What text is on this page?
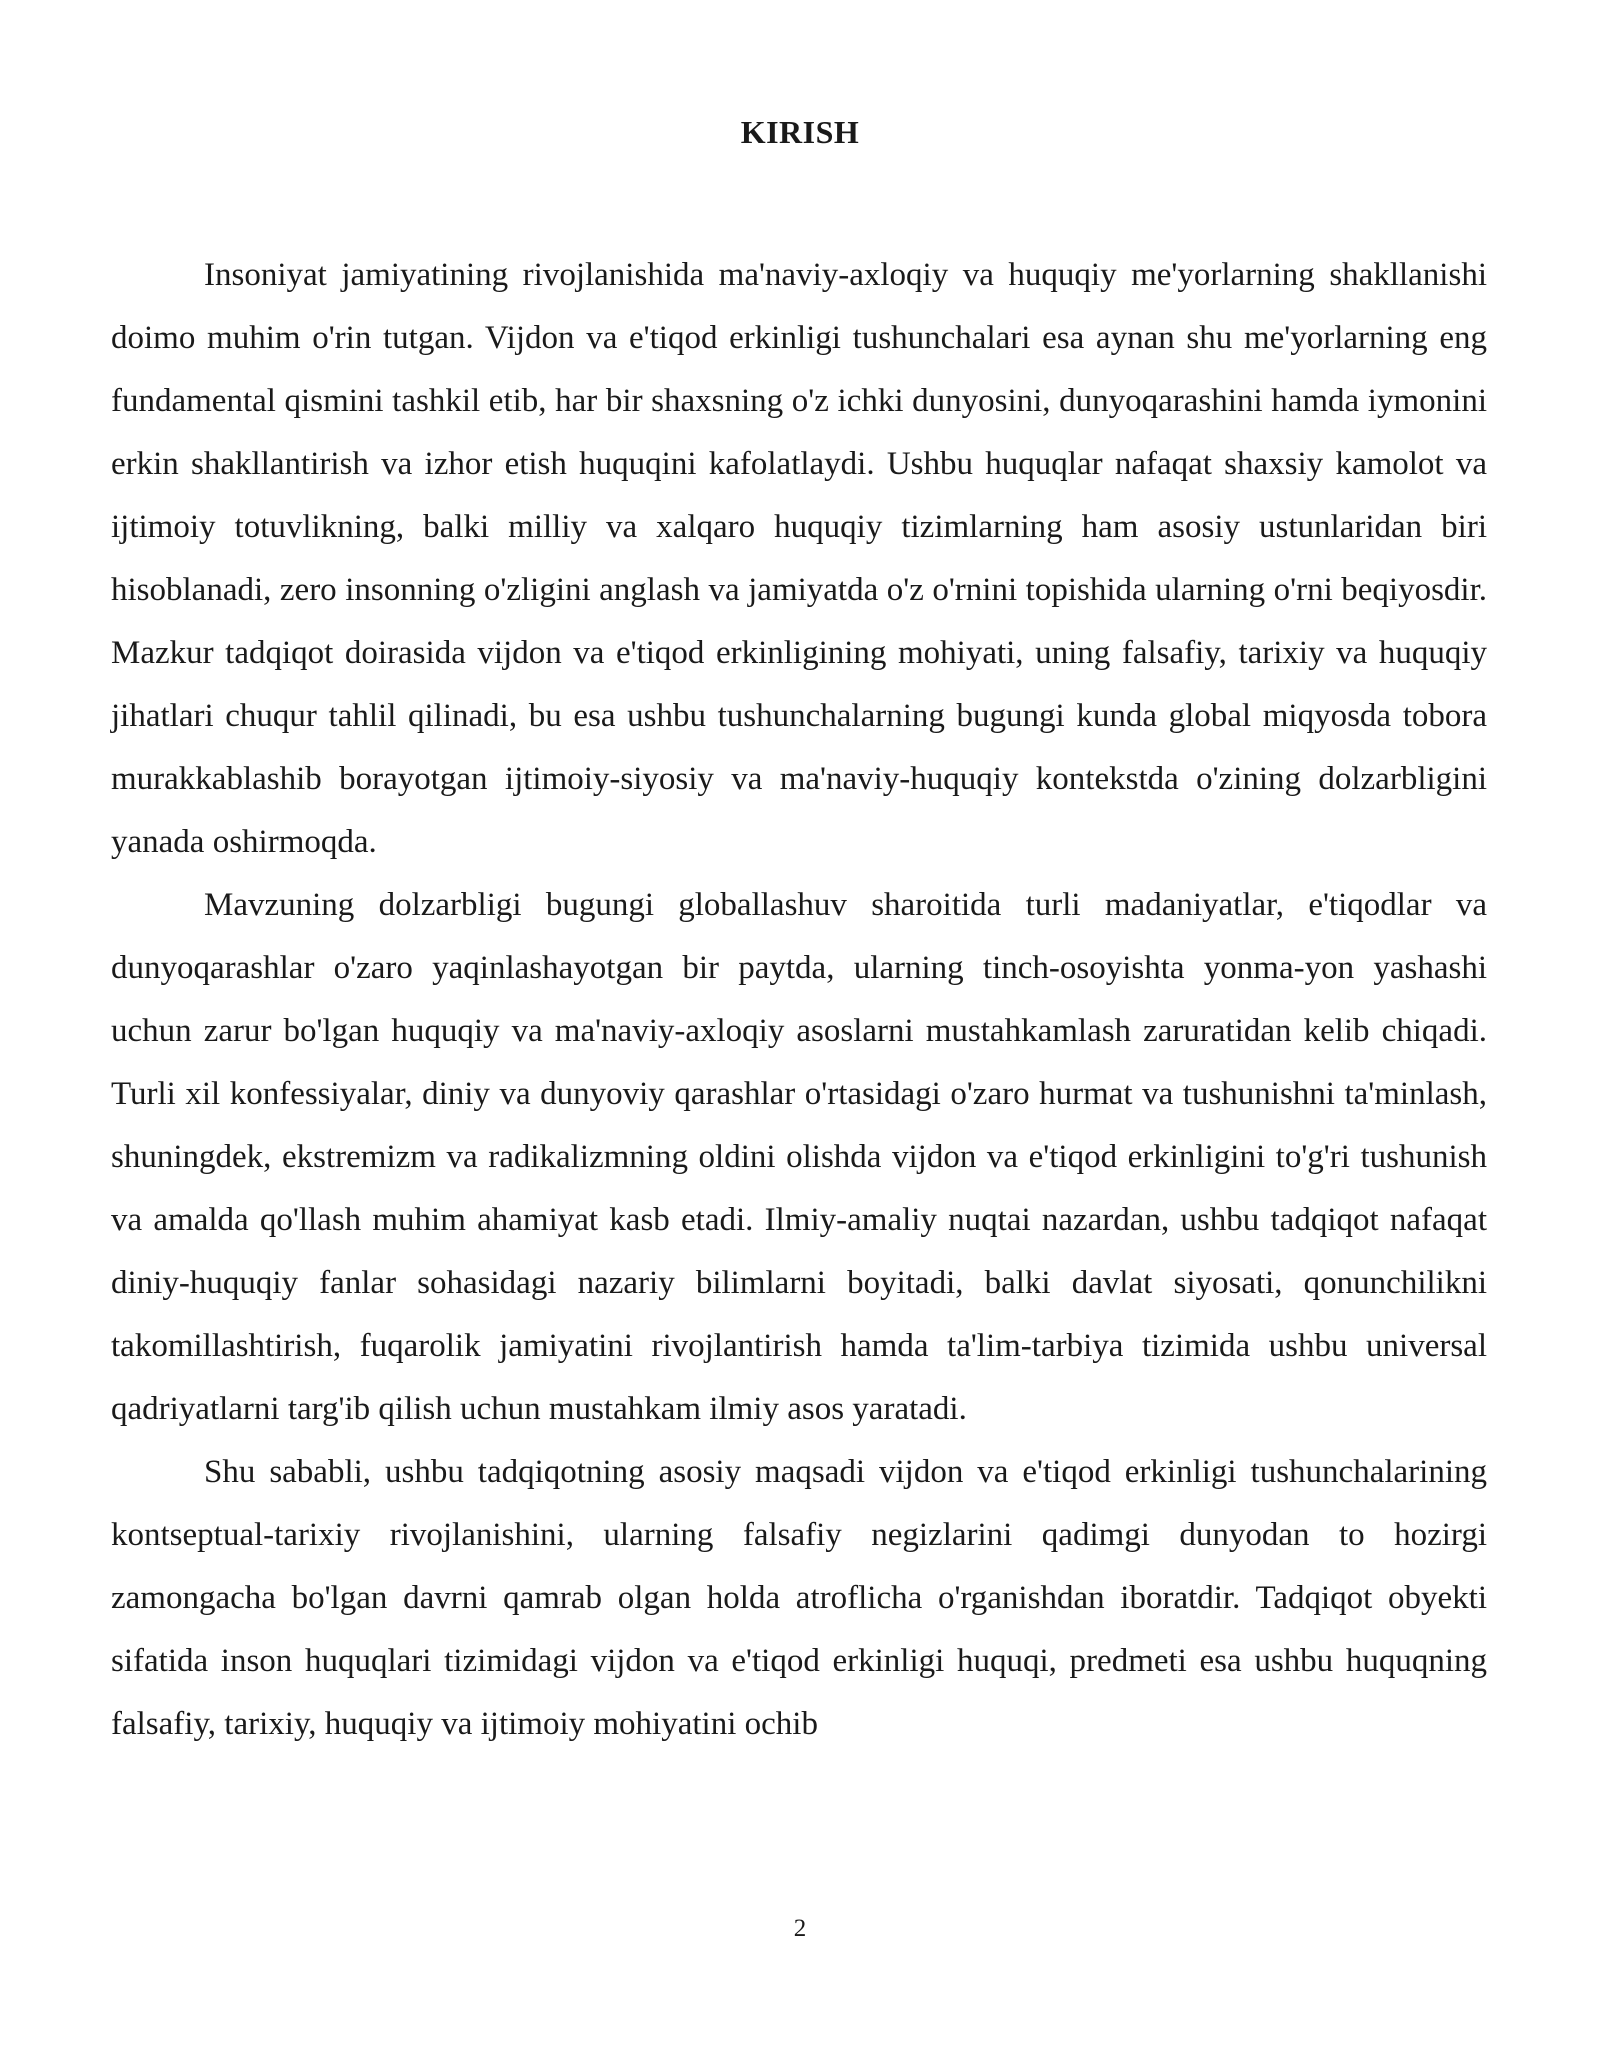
KIRISH

Insoniyat jamiyatining rivojlanishida ma'naviy-axloqiy va huquqiy me'yorlarning shakllanishi doimo muhim o'rin tutgan. Vijdon va e'tiqod erkinligi tushunchalari esa aynan shu me'yorlarning eng fundamental qismini tashkil etib, har bir shaxsning o'z ichki dunyosini, dunyoqarashini hamda iymonini erkin shakllantirish va izhor etish huquqini kafolatlaydi. Ushbu huquqlar nafaqat shaxsiy kamolot va ijtimoiy totuvlikning, balki milliy va xalqaro huquqiy tizimlarning ham asosiy ustunlaridan biri hisoblanadi, zero insonning o'zligini anglash va jamiyatda o'z o'rnini topishida ularning o'rni beqiyosdir. Mazkur tadqiqot doirasida vijdon va e'tiqod erkinligining mohiyati, uning falsafiy, tarixiy va huquqiy jihatlari chuqur tahlil qilinadi, bu esa ushbu tushunchalarning bugungi kunda global miqyosda tobora murakkablashib borayotgan ijtimoiy-siyosiy va ma'naviy-huquqiy kontekstda o'zining dolzarbligini yanada oshirmoqda.

Mavzuning dolzarbligi bugungi globallashuv sharoitida turli madaniyatlar, e'tiqodlar va dunyoqarashlar o'zaro yaqinlashayotgan bir paytda, ularning tinch-osoyishta yonma-yon yashashi uchun zarur bo'lgan huquqiy va ma'naviy-axloqiy asoslarni mustahkamlash zaruratidan kelib chiqadi. Turli xil konfessiyalar, diniy va dunyoviy qarashlar o'rtasidagi o'zaro hurmat va tushunishni ta'minlash, shuningdek, ekstremizm va radikalizmning oldini olishda vijdon va e'tiqod erkinligini to'g'ri tushunish va amalda qo'llash muhim ahamiyat kasb etadi. Ilmiy-amaliy nuqtai nazardan, ushbu tadqiqot nafaqat diniy-huquqiy fanlar sohasidagi nazariy bilimlarni boyitadi, balki davlat siyosati, qonunchilikni takomillashtirish, fuqarolik jamiyatini rivojlantirish hamda ta'lim-tarbiya tizimida ushbu universal qadriyatlarni targ'ib qilish uchun mustahkam ilmiy asos yaratadi.

Shu sababli, ushbu tadqiqotning asosiy maqsadi vijdon va e'tiqod erkinligi tushunchalarining kontseptual-tarixiy rivojlanishini, ularning falsafiy negizlarini qadimgi dunyodan to hozirgi zamongacha bo'lgan davrni qamrab olgan holda atroflicha o'rganishdan iboratdir. Tadqiqot obyekti sifatida inson huquqlari tizimidagi vijdon va e'tiqod erkinligi huquqi, predmeti esa ushbu huquqning falsafiy, tarixiy, huquqiy va ijtimoiy mohiyatini ochib

2
